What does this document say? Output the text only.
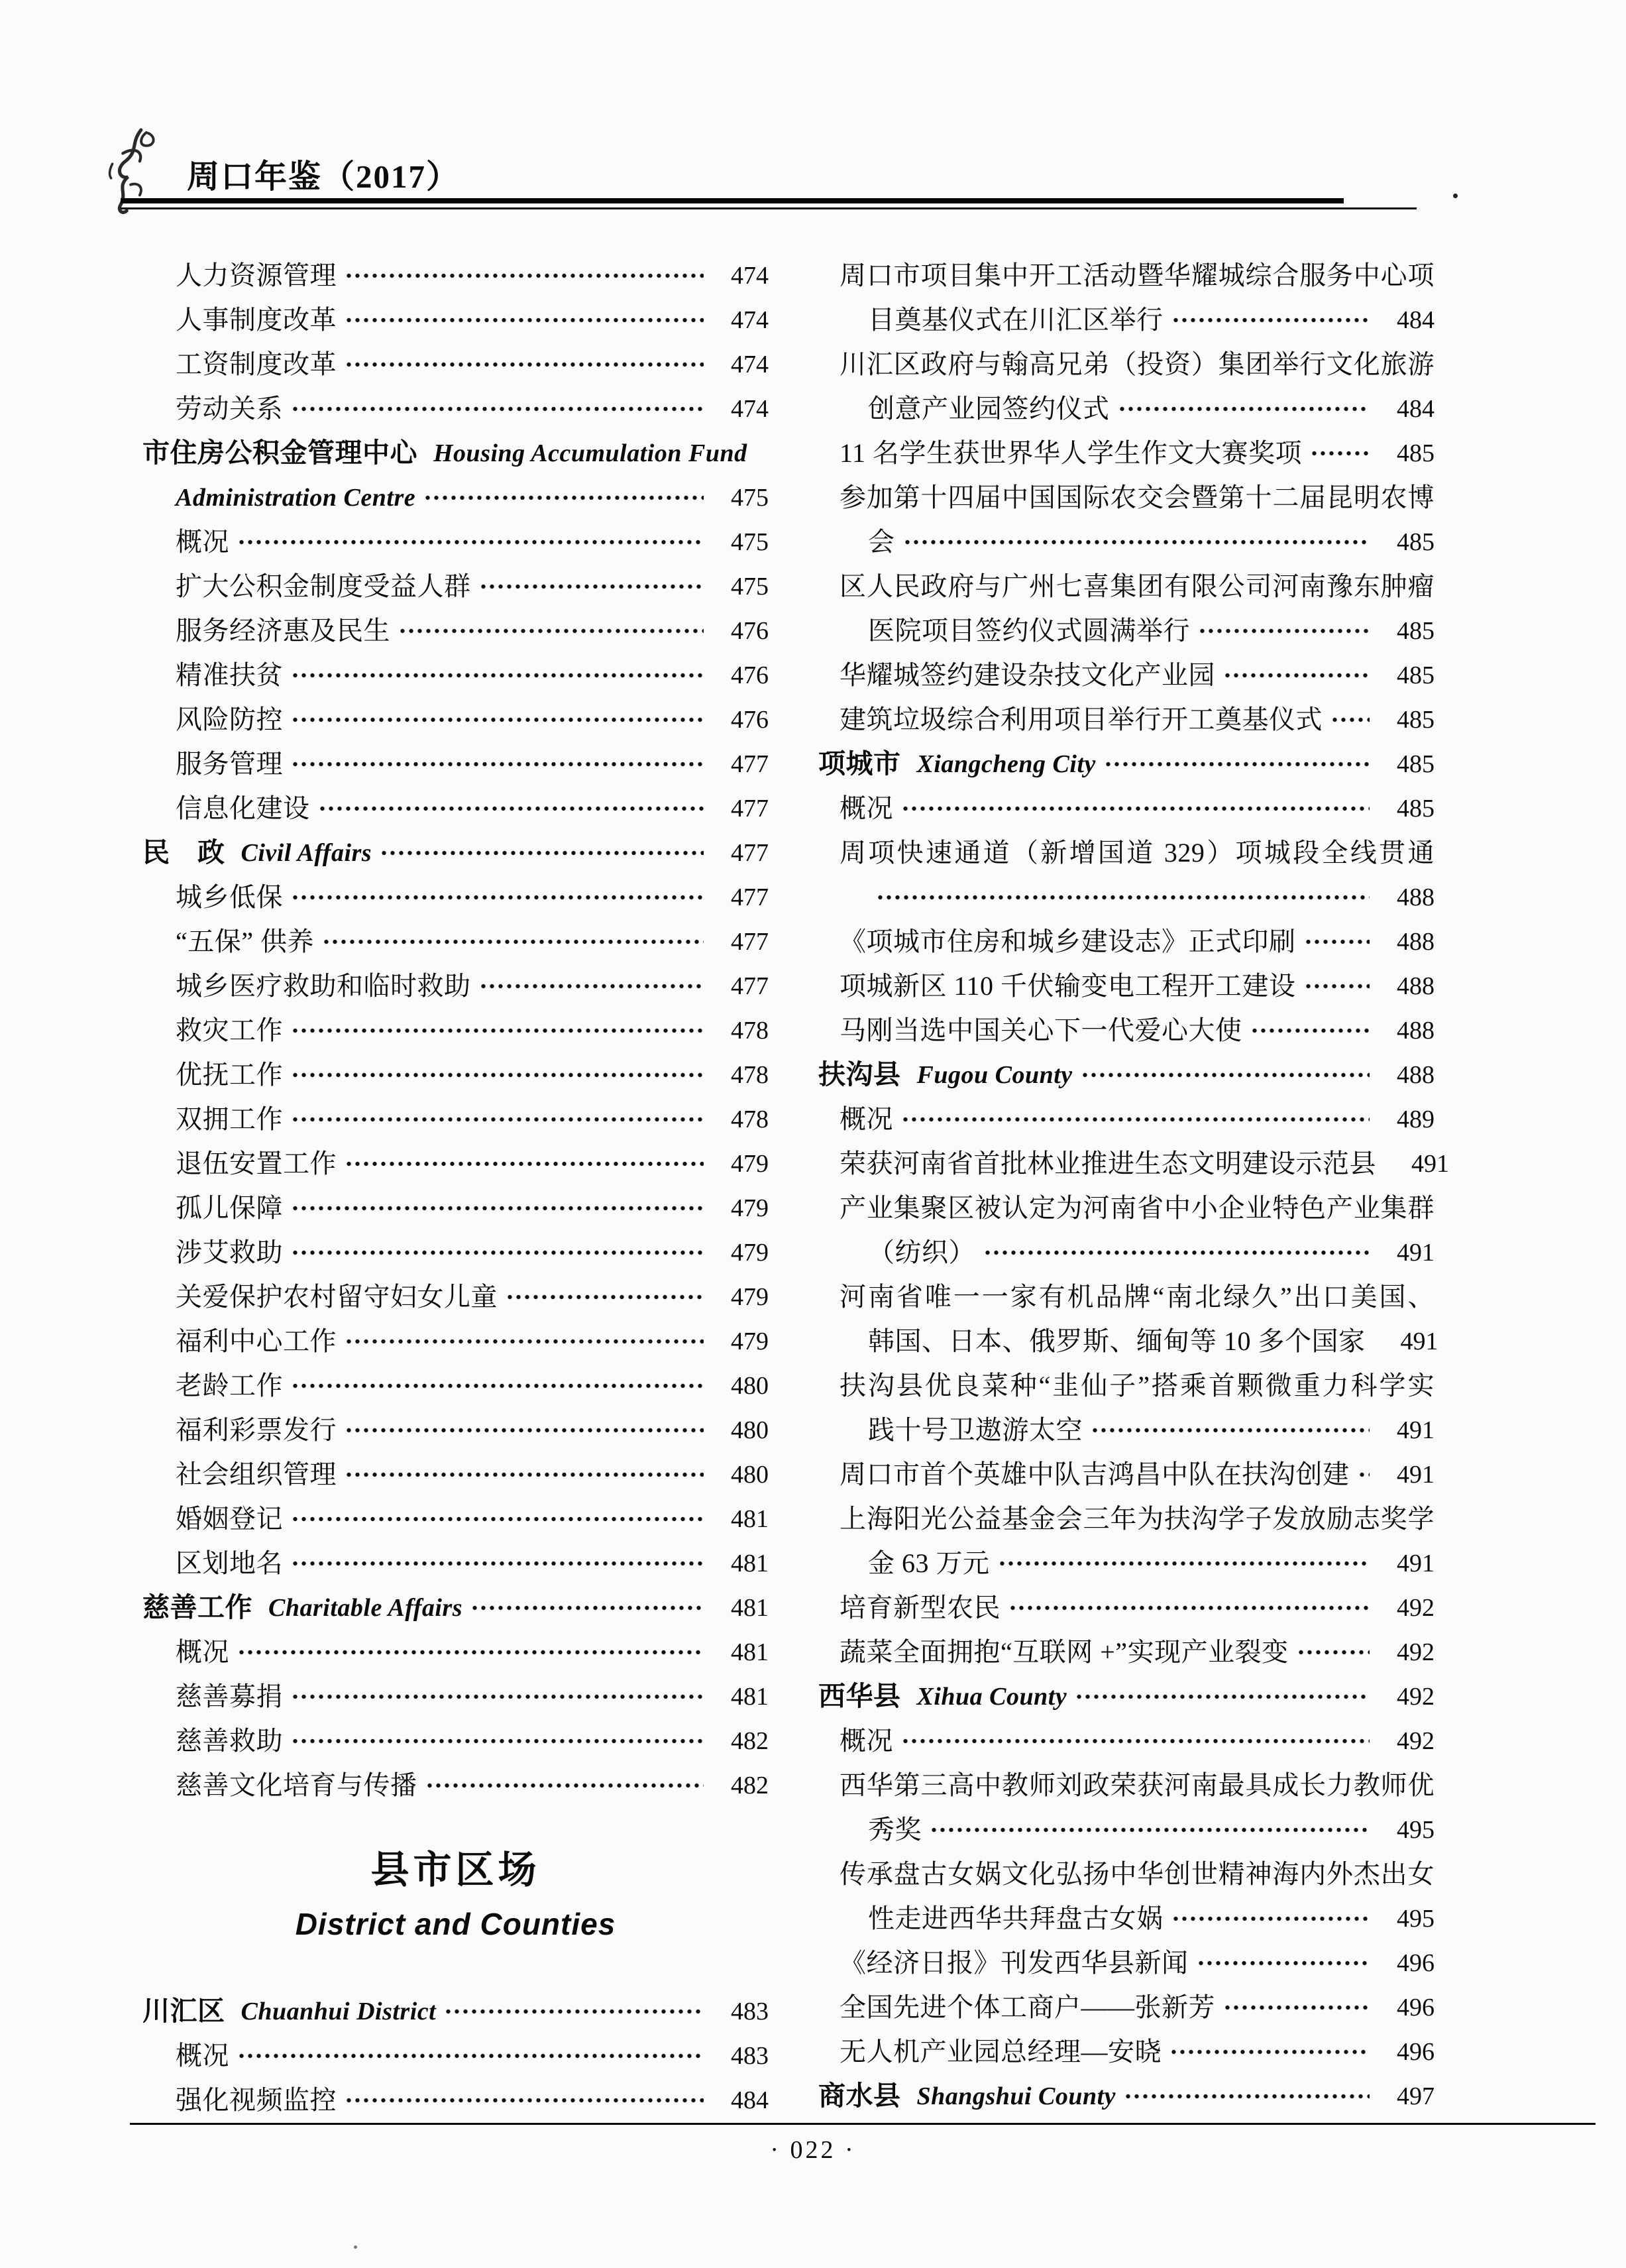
周口年鉴（2017）
人力资源管理	474
人事制度改革	474
工资制度改革	474
劳动关系	474
市住房公积金管理中心 Housing Accumulation Fund
Administration Centre	475
概况	475
扩大公积金制度受益人群	475
服务经济惠及民生	476
精准扶贫	476
风险防控	476
服务管理	477
信息化建设	477
民　政 Civil Affairs	477
城乡低保	477
“五保” 供养	477
城乡医疗救助和临时救助	477
救灾工作	478
优抚工作	478
双拥工作	478
退伍安置工作	479
孤儿保障	479
涉艾救助	479
关爱保护农村留守妇女儿童	479
福利中心工作	479
老龄工作	480
福利彩票发行	480
社会组织管理	480
婚姻登记	481
区划地名	481
慈善工作 Charitable Affairs	481
概况	481
慈善募捐	481
慈善救助	482
慈善文化培育与传播	482
县市区场
District and Counties
川汇区 Chuanhui District	483
概况	483
强化视频监控	484
周口市项目集中开工活动暨华耀城综合服务中心项
目奠基仪式在川汇区举行	484
川汇区政府与翰高兄弟（投资）集团举行文化旅游
创意产业园签约仪式	484
11 名学生获世界华人学生作文大赛奖项	485
参加第十四届中国国际农交会暨第十二届昆明农博
会	485
区人民政府与广州七喜集团有限公司河南豫东肿瘤
医院项目签约仪式圆满举行	485
华耀城签约建设杂技文化产业园	485
建筑垃圾综合利用项目举行开工奠基仪式	485
项城市 Xiangcheng City	485
概况	485
周项快速通道（新增国道 329）项城段全线贯通
488
《项城市住房和城乡建设志》正式印刷	488
项城新区 110 千伏输变电工程开工建设	488
马刚当选中国关心下一代爱心大使	488
扶沟县 Fugou County	488
概况	489
荣获河南省首批林业推进生态文明建设示范县	491
产业集聚区被认定为河南省中小企业特色产业集群
（纺织）	491
河南省唯一一家有机品牌“南北绿久”出口美国、
韩国、日本、俄罗斯、缅甸等 10 多个国家	491
扶沟县优良菜种“韭仙子”搭乘首颗微重力科学实
践十号卫遨游太空	491
周口市首个英雄中队吉鸿昌中队在扶沟创建	491
上海阳光公益基金会三年为扶沟学子发放励志奖学
金 63 万元	491
培育新型农民	492
蔬菜全面拥抱“互联网 +”实现产业裂变	492
西华县 Xihua County	492
概况	492
西华第三高中教师刘政荣获河南最具成长力教师优
秀奖	495
传承盘古女娲文化弘扬中华创世精神海内外杰出女
性走进西华共拜盘古女娲	495
《经济日报》刊发西华县新闻	496
全国先进个体工商户——张新芳	496
无人机产业园总经理—安晓	496
商水县 Shangshui County	497
· 022 ·
